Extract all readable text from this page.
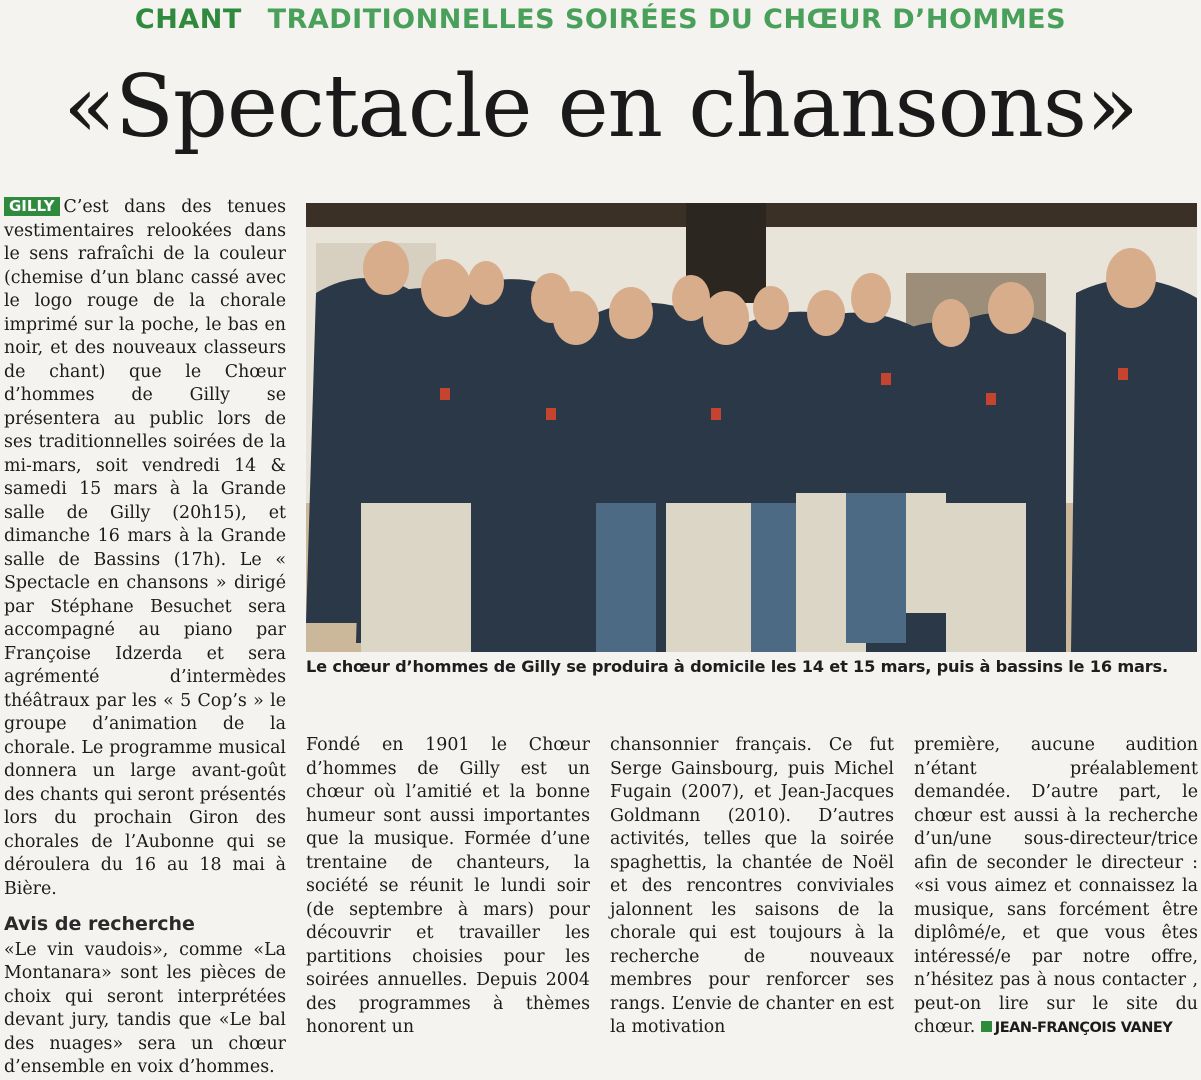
CHANT TRADITIONNELLES SOIRÉES DU CHŒUR D’HOMMES
«Spectacle en chansons»

GILLY C’est dans des tenues vestimentaires relookées dans le sens rafraîchi de la couleur (chemise d’un blanc cassé avec le logo rouge de la chorale imprimé sur la poche, le bas en noir, et des nouveaux classeurs de chant) que le Chœur d’hommes de Gilly se présentera au public lors de ses traditionnelles soirées de la mi-mars, soit vendredi 14 & samedi 15 mars à la Grande salle de Gilly (20h15), et dimanche 16 mars à la Grande salle de Bassins (17h). Le « Spectacle en chansons » dirigé par Stéphane Besuchet sera accompagné au piano par Françoise Idzerda et sera agrémenté d’intermèdes théâtraux par les « 5 Cop’s » le groupe d’animation de la chorale. Le programme musical donnera un large avant-goût des chants qui seront présentés lors du prochain Giron des chorales de l’Aubonne qui se déroulera du 16 au 18 mai à Bière.

Avis de recherche

«Le vin vaudois», comme «La Montanara» sont les pièces de choix qui seront interprétées devant jury, tandis que «Le bal des nuages» sera un chœur d’ensemble en voix d’hommes.

Le chœur d’hommes de Gilly se produira à domicile les 14 et 15 mars, puis à bassins le 16 mars.

Fondé en 1901 le Chœur d’hommes de Gilly est un chœur où l’amitié et la bonne humeur sont aussi importantes que la musique. Formée d’une trentaine de chanteurs, la société se réunit le lundi soir (de septembre à mars) pour découvrir et travailler les partitions choisies pour les soirées annuelles. Depuis 2004 des programmes à thèmes honorent un

chansonnier français. Ce fut Serge Gainsbourg, puis Michel Fugain (2007), et Jean-Jacques Goldmann (2010). D’autres activités, telles que la soirée spaghettis, la chantée de Noël et des rencontres conviviales jalonnent les saisons de la chorale qui est toujours à la recherche de nouveaux membres pour renforcer ses rangs. L’envie de chanter en est la motivation

première, aucune audition n’étant préalablement demandée. D’autre part, le chœur est aussi à la recherche d’un/une sous-directeur/trice afin de seconder le directeur : «si vous aimez et connaissez la musique, sans forcément être diplômé/e, et que vous êtes intéressé/e par notre offre, n’hésitez pas à nous contacter , peut-on lire sur le site du chœur. JEAN-FRANÇOIS VANEY
